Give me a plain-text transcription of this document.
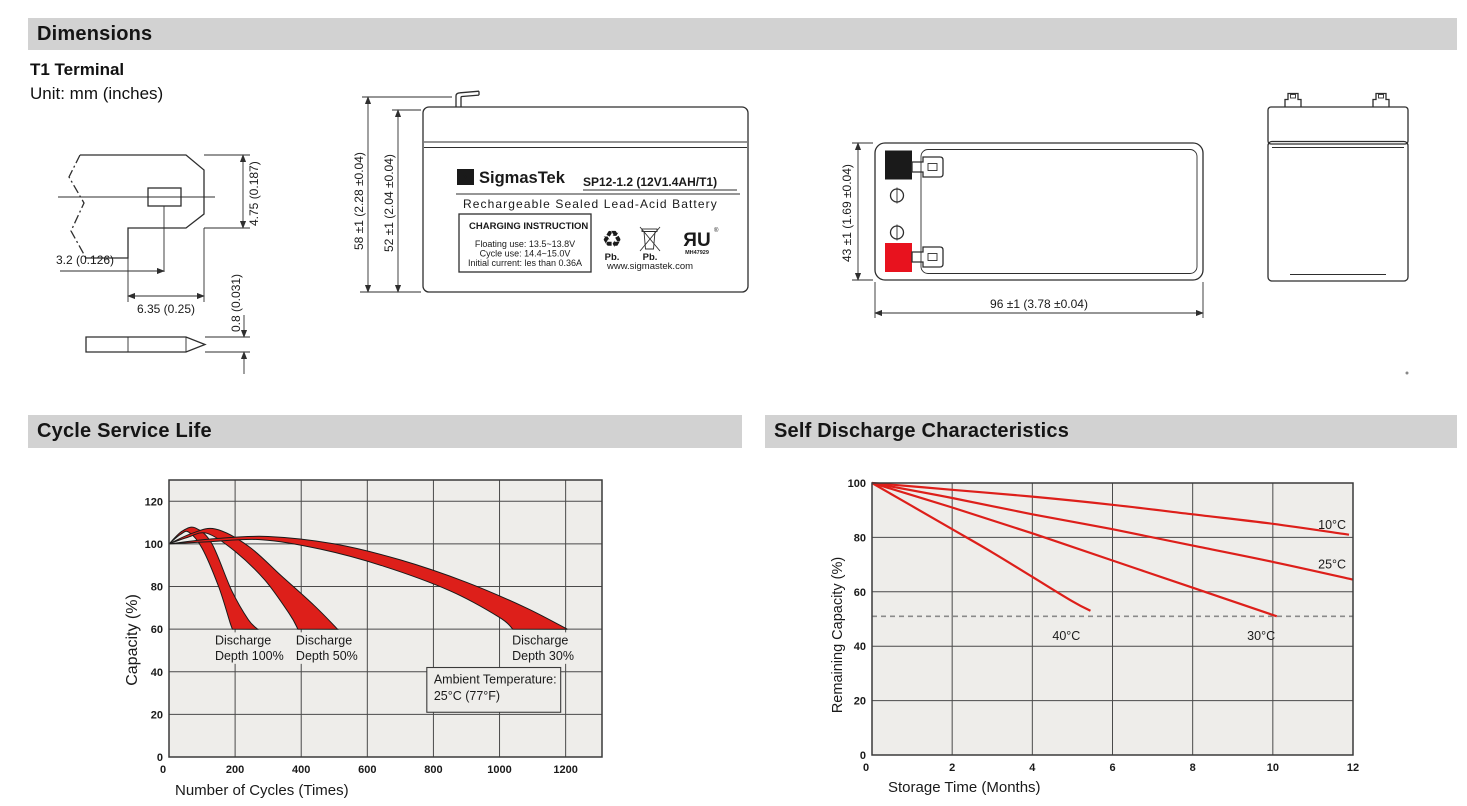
Dimensions
T1 Terminal
Unit: mm (inches)
4.75 (0.187)
3.2 (0.126)
6.35 (0.25)	0.8 (0.031)
58 ±1 (2.28 ±0.04) 52 ±1 (2.04 ±0.04)	Σ SigmasTek SP12-1.2 (12V1.4AH/T1)
Rechargeable Sealed Lead-Acid Battery
CHARGING INSTRUCTION
Floating use: 13.5~13.8V
Cycle use: 14.4~15.0V
Initial current: les than 0.36A
♻
Pb. Pb.
ЯU ®
MH47929
www.sigmastek.com
43 ±1 (1.69 ±0.04)
96 ±1 (3.78 ±0.04)
Cycle Service Life	Self Discharge Characteristics
Discharge Depth 100%
Discharge Depth 50%
Discharge Depth 30%
Ambient Temperature:
25°C (77°F)
0
20
40
60
80
100
120
0	200	400	600	800	1000	1200
Number of Cycles (Times)
Capacity (%)
10°C
25°C
30°C
40°C
0
20
40
60
80
100
0	2	4	6	8	10	12
Storage Time (Months)
Remaining Capacity (%)
